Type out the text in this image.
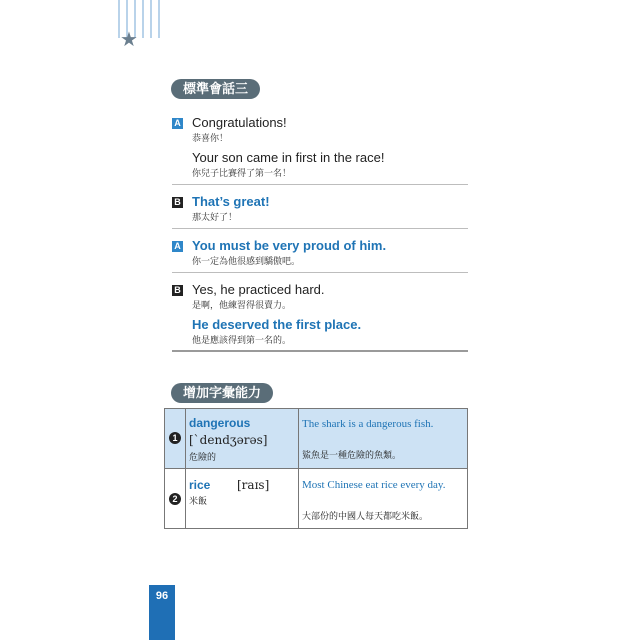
★
標準會話三
A Congratulations!
恭喜你！
Your son came in first in the race!
你兒子比賽得了第一名！
B That’s great!
那太好了！
A You must be very proud of him.
你一定為他很感到驕傲吧。
B Yes, he practiced hard.
是啊，他練習得很賣力。
He deserved the first place.
他是應該得到第一名的。
增加字彙能力
1
dangerous
[ˋdendʒərəs]
危險的
The shark is a dangerous fish.
鯊魚是一種危險的魚類。
2
rice [raɪs]
米飯
Most Chinese eat rice every day.
大部份的中國人每天都吃米飯。
96
